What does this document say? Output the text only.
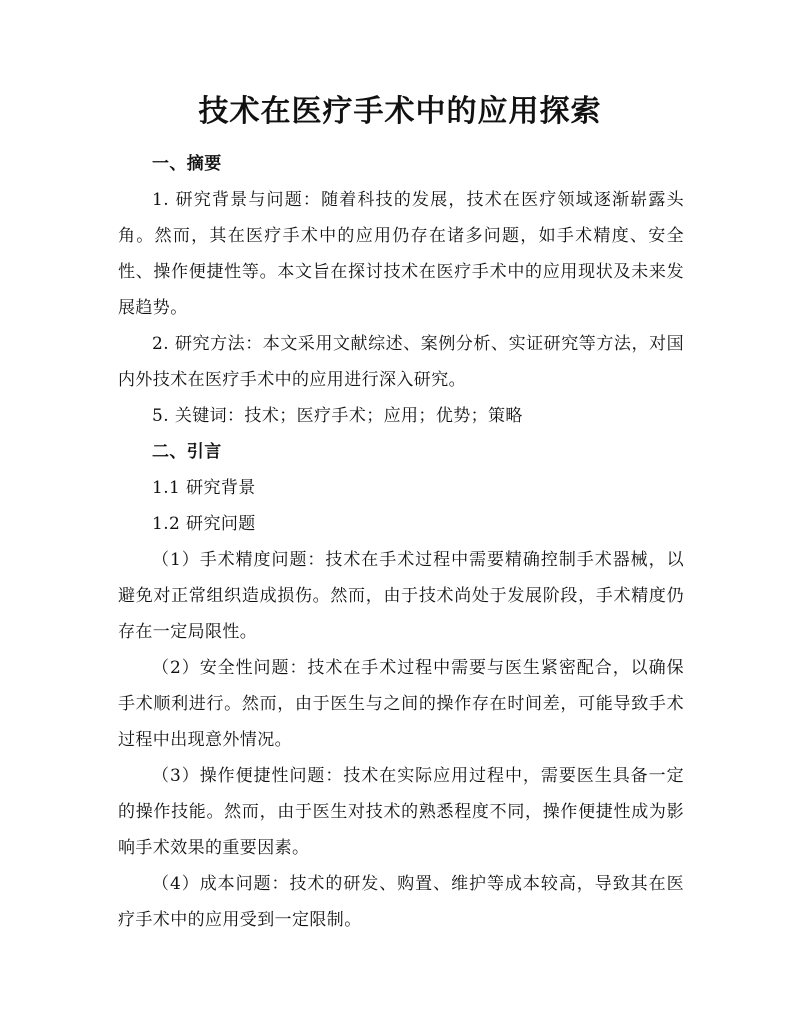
技术在医疗手术中的应用探索

一、摘要

1. 研究背景与问题：随着科技的发展，技术在医疗领域逐渐崭露头角。然而，其在医疗手术中的应用仍存在诸多问题，如手术精度、安全性、操作便捷性等。本文旨在探讨技术在医疗手术中的应用现状及未来发展趋势。

2. 研究方法：本文采用文献综述、案例分析、实证研究等方法，对国内外技术在医疗手术中的应用进行深入研究。

5. 关键词：技术；医疗手术；应用；优势；策略

二、引言

1.1 研究背景

1.2 研究问题

（1）手术精度问题：技术在手术过程中需要精确控制手术器械，以避免对正常组织造成损伤。然而，由于技术尚处于发展阶段，手术精度仍存在一定局限性。

（2）安全性问题：技术在手术过程中需要与医生紧密配合，以确保手术顺利进行。然而，由于医生与之间的操作存在时间差，可能导致手术过程中出现意外情况。

（3）操作便捷性问题：技术在实际应用过程中，需要医生具备一定的操作技能。然而，由于医生对技术的熟悉程度不同，操作便捷性成为影响手术效果的重要因素。

（4）成本问题：技术的研发、购置、维护等成本较高，导致其在医疗手术中的应用受到一定限制。
